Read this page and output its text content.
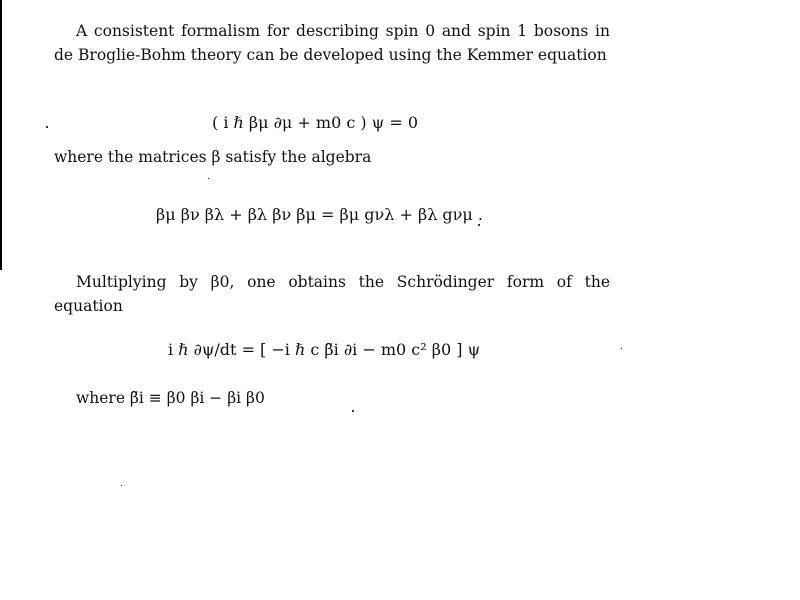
A consistent formalism for describing spin 0 and spin 1 bosons in de Broglie-Bohm theory can be developed using the Kemmer equation

( i ℏ βμ ∂μ + m0 c ) ψ = 0

where the matrices β satisfy the algebra

βμ βν βλ + βλ βν βμ = βμ gνλ + βλ gνμ .

Multiplying by β0, one obtains the Schrödinger form of the equation

i ℏ ∂ψ/dt = [ −i ℏ c β̃i ∂i − m0 c² β0 ] ψ

where β̃i ≡ β0 βi − βi β0
